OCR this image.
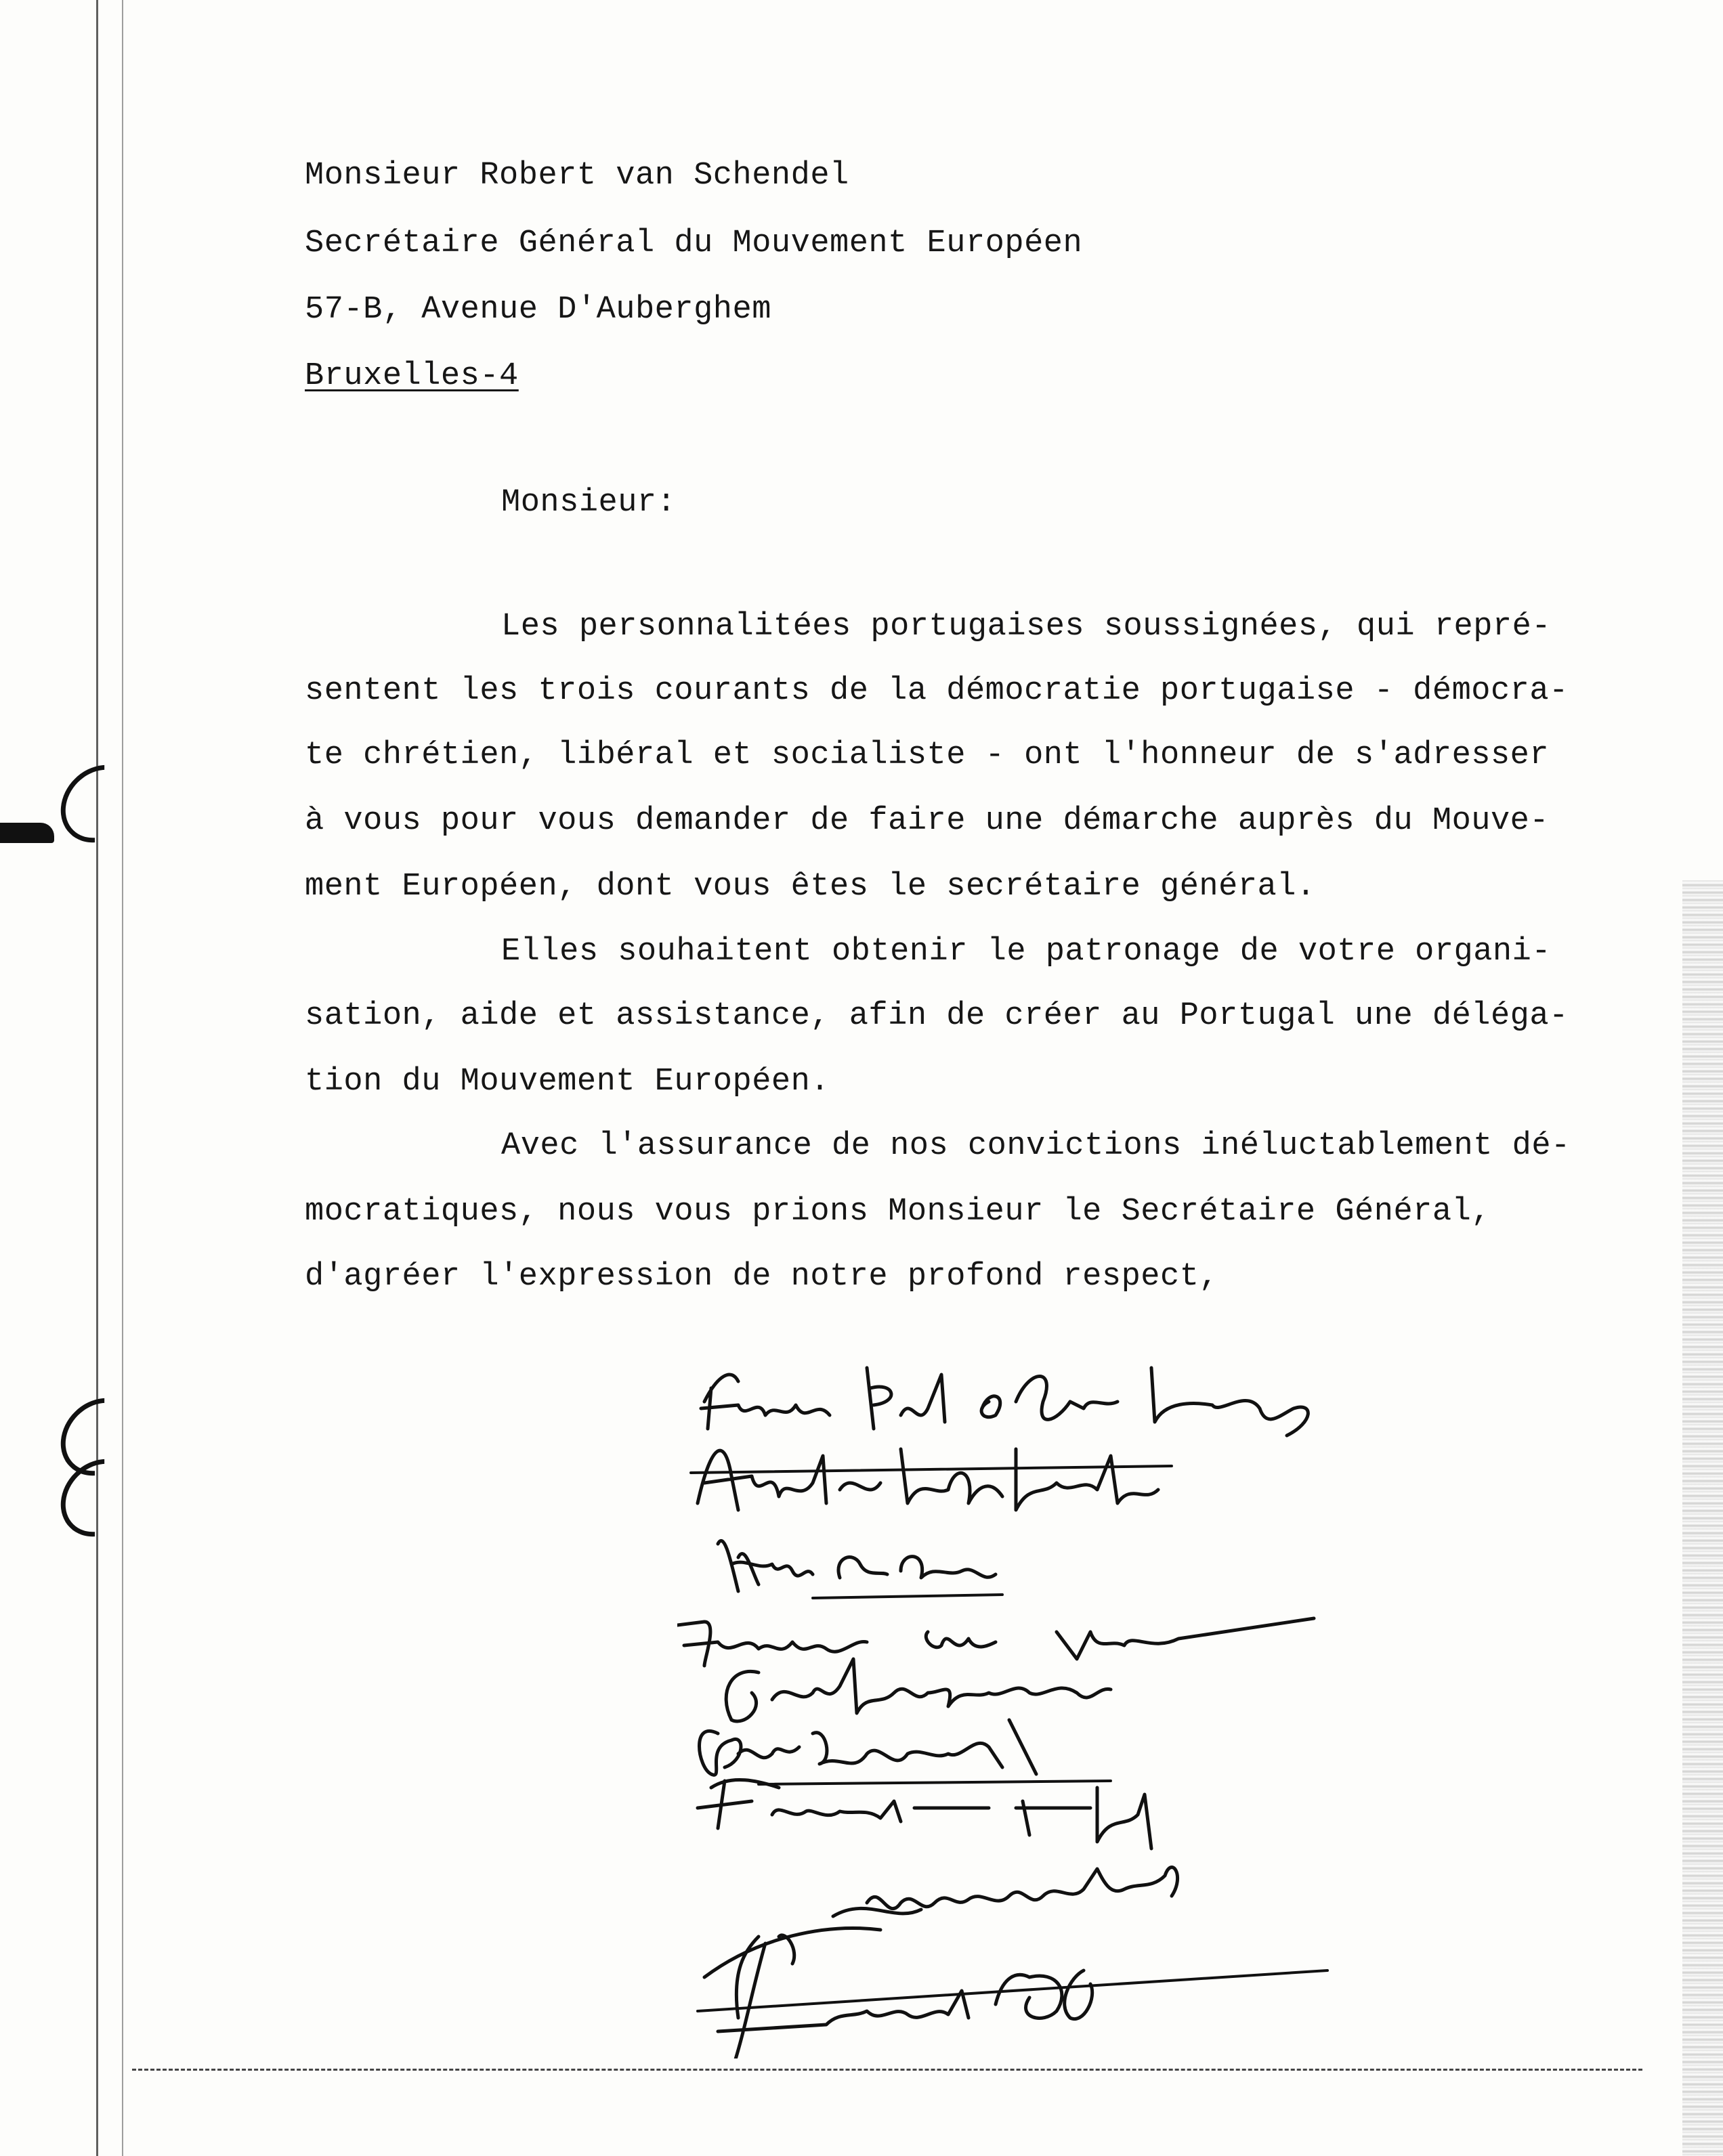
Monsieur Robert van Schendel
Secrétaire Général du Mouvement Européen
57-B, Avenue D'Auberghem
Bruxelles-4
Monsieur:
Les personnalitées portugaises soussignées, qui repré-
sentent les trois courants de la démocratie portugaise - démocra-
te chrétien, libéral et socialiste - ont l'honneur de s'adresser
à vous pour vous demander de faire une démarche auprès du Mouve-
ment Européen, dont vous êtes le secrétaire général.
Elles souhaitent obtenir le patronage de votre organi-
sation, aide et assistance, afin de créer au Portugal une déléga-
tion du Mouvement Européen.
Avec l'assurance de nos convictions inéluctablement dé-
mocratiques, nous vous prions Monsieur le Secrétaire Général,
d'agréer l'expression de notre profond respect,
